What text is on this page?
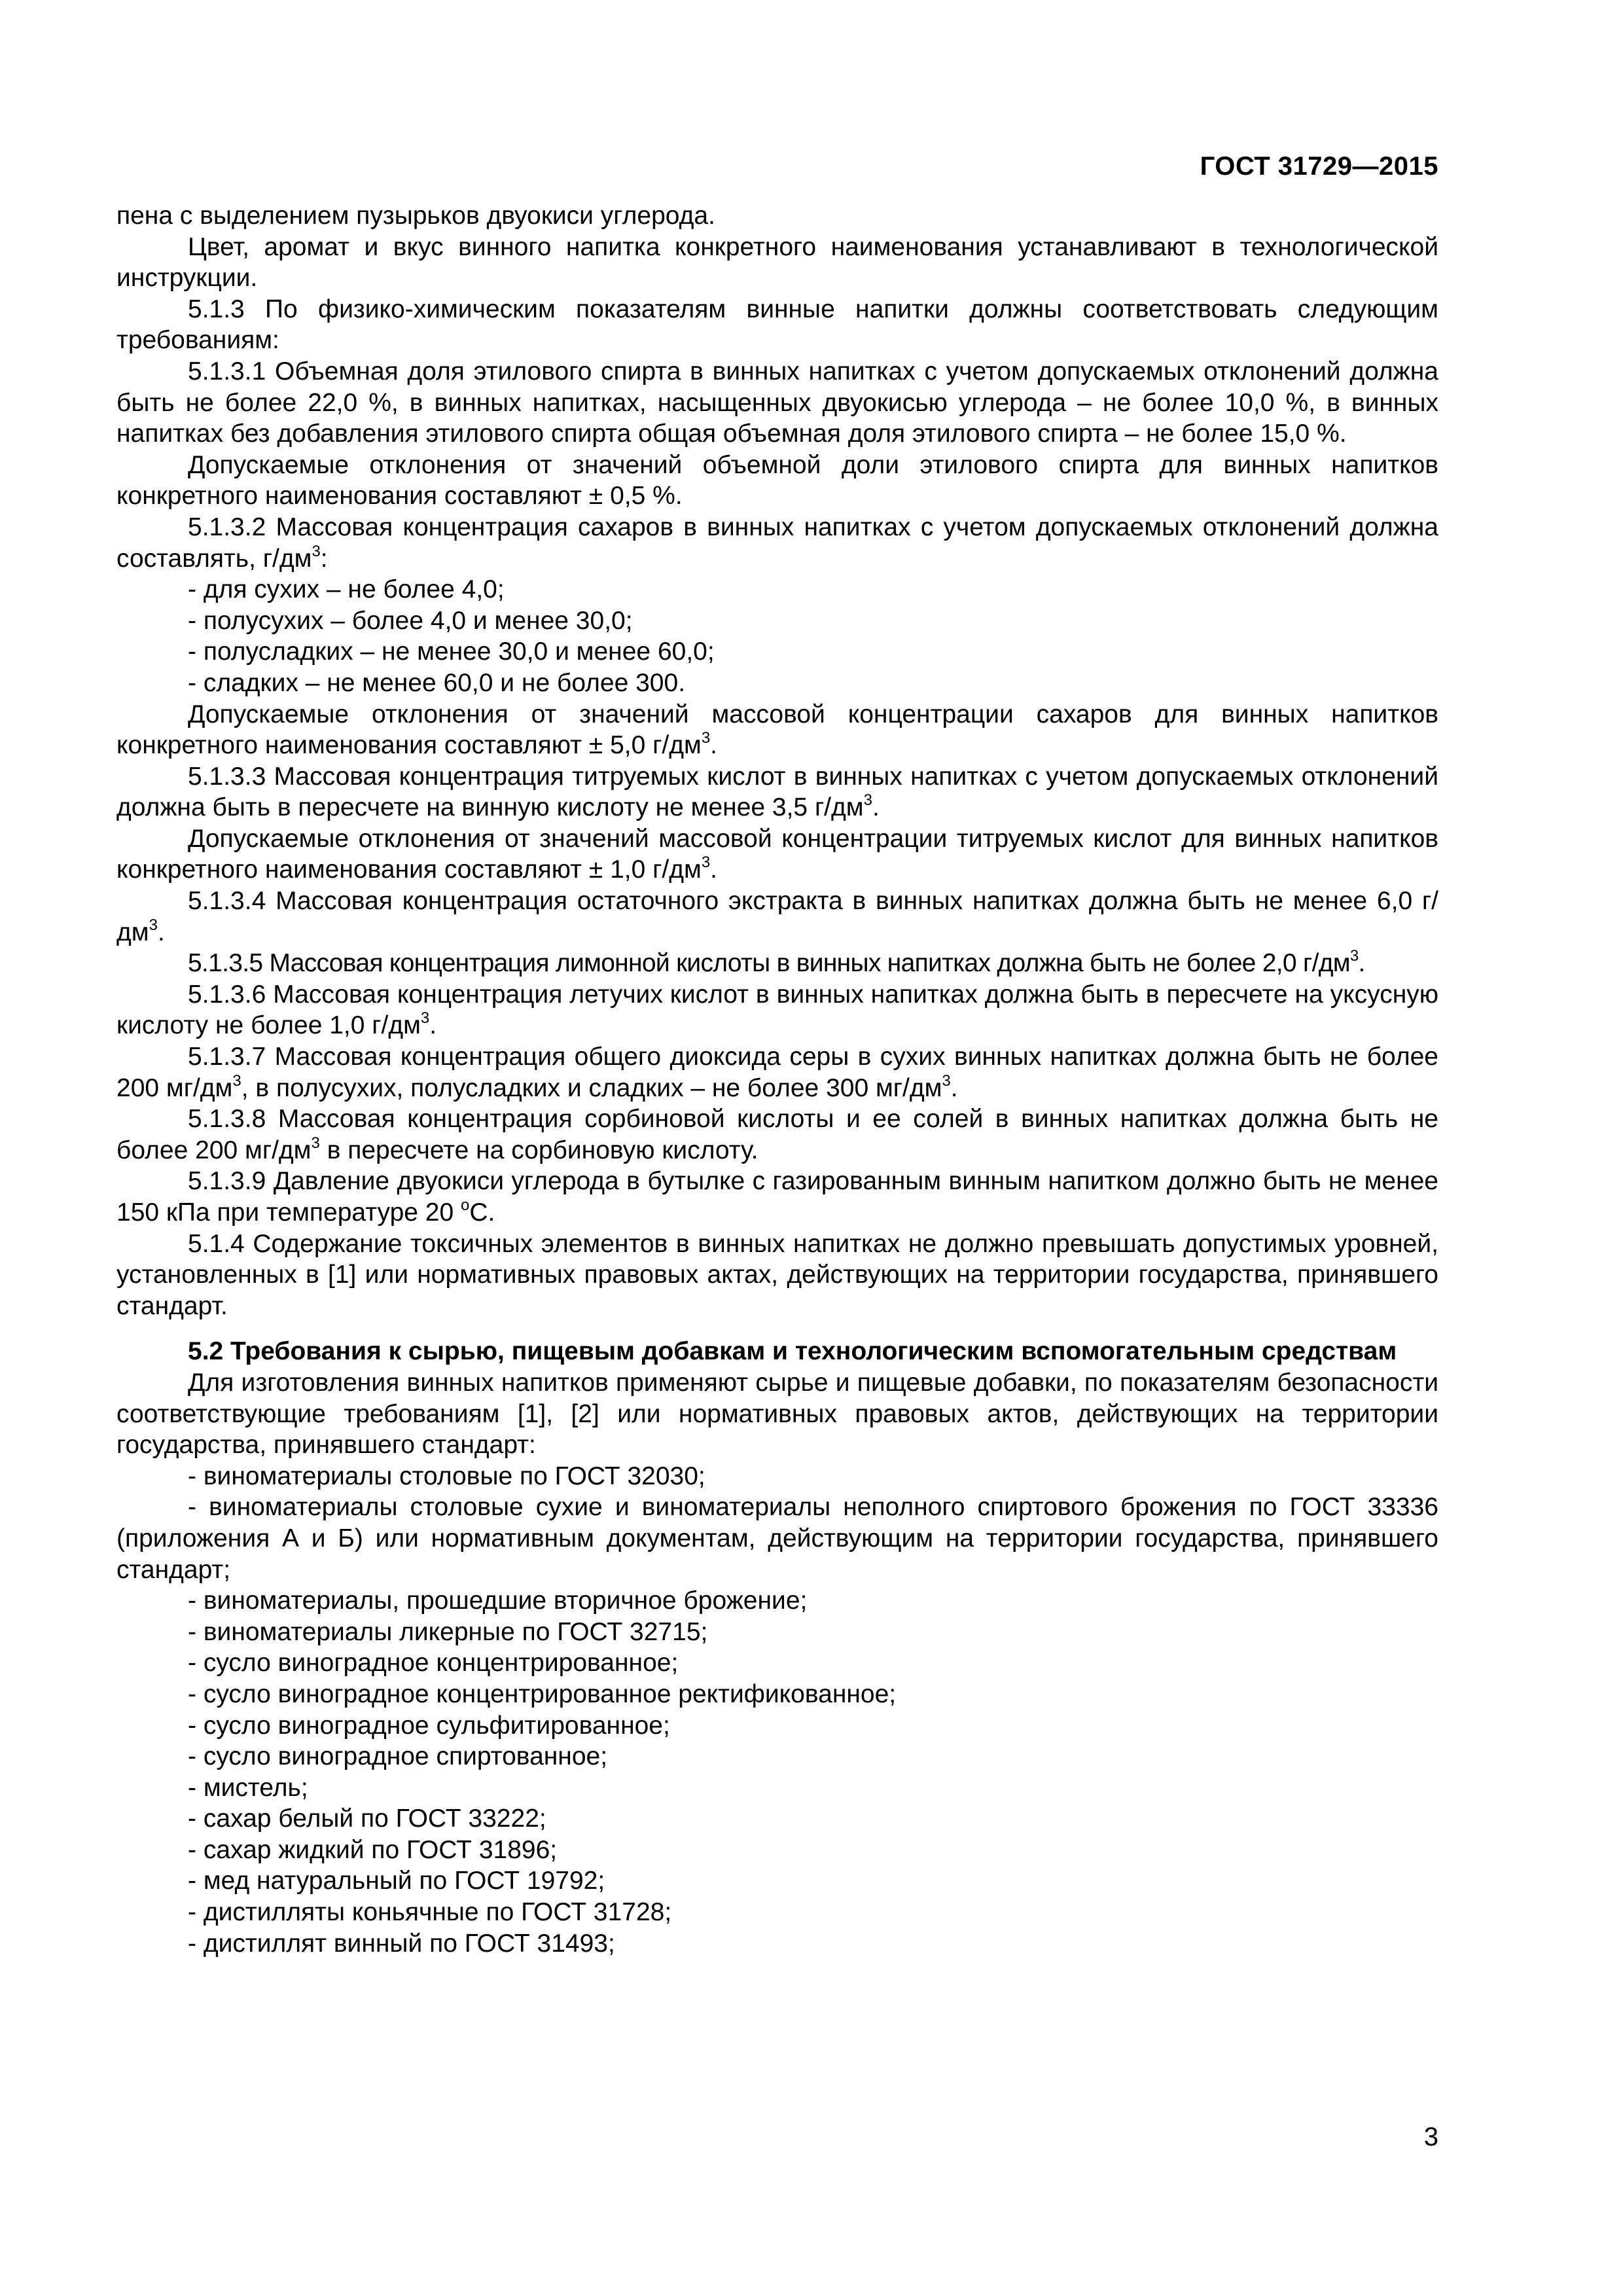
ГОСТ 31729—2015

пена с выделением пузырьков двуокиси углерода.

Цвет, аромат и вкус винного напитка конкретного наименования устанавливают в технологической инструкции.

5.1.3 По физико-химическим показателям винные напитки должны соответствовать следующим требованиям:

5.1.3.1 Объемная доля этилового спирта в винных напитках с учетом допускаемых отклонений должна быть не более 22,0 %, в винных напитках, насыщенных двуокисью углерода – не более 10,0 %, в винных напитках без добавления этилового спирта общая объемная доля этилового спирта – не более 15,0 %.

Допускаемые отклонения от значений объемной доли этилового спирта для винных напитков конкретного наименования составляют ± 0,5 %.

5.1.3.2 Массовая концентрация сахаров в винных напитках с учетом допускаемых отклонений должна составлять, $г/дм^3$:

- для сухих – не более 4,0;

- полусухих – более 4,0 и менее 30,0;

- полусладких – не менее 30,0 и менее 60,0;

- сладких – не менее 60,0 и не более 300.

Допускаемые отклонения от значений массовой концентрации сахаров для винных напитков конкретного наименования составляют ± 5,0 $г/дм^3$.

5.1.3.3 Массовая концентрация титруемых кислот в винных напитках с учетом допускаемых отклонений должна быть в пересчете на винную кислоту не менее 3,5 $г/дм^3$.

Допускаемые отклонения от значений массовой концентрации титруемых кислот для винных напитков конкретного наименования составляют ± 1,0 $г/дм^3$.

5.1.3.4 Массовая концентрация остаточного экстракта в винных напитках должна быть не менее 6,0 $г/дм^3$.

5.1.3.5 Массовая концентрация лимонной кислоты в винных напитках должна быть не более 2,0 $г/дм^3$.

5.1.3.6 Массовая концентрация летучих кислот в винных напитках должна быть в пересчете на уксусную кислоту не более 1,0 $г/дм^3$.

5.1.3.7 Массовая концентрация общего диоксида серы в сухих винных напитках должна быть не более 200 $мг/дм^3$, в полусухих, полусладких и сладких – не более 300 $мг/дм^3$.

5.1.3.8 Массовая концентрация сорбиновой кислоты и ее солей в винных напитках должна быть не более 200 $мг/дм^3$ в пересчете на сорбиновую кислоту.

5.1.3.9 Давление двуокиси углерода в бутылке с газированным винным напитком должно быть не менее 150 кПа при температуре 20 $^о$С.

5.1.4 Содержание токсичных элементов в винных напитках не должно превышать допустимых уровней, установленных в [1] или нормативных правовых актах, действующих на территории государства, принявшего стандарт.

5.2 Требования к сырью, пищевым добавкам и технологическим вспомогательным средствам

Для изготовления винных напитков применяют сырье и пищевые добавки, по показателям безопасности соответствующие требованиям [1], [2] или нормативных правовых актов, действующих на территории государства, принявшего стандарт:

- виноматериалы столовые по ГОСТ 32030;

- виноматериалы столовые сухие и виноматериалы неполного спиртового брожения по ГОСТ 33336 (приложения А и Б) или нормативным документам, действующим на территории государства, принявшего стандарт;

- виноматериалы, прошедшие вторичное брожение;

- виноматериалы ликерные по ГОСТ 32715;

- сусло виноградное концентрированное;

- сусло виноградное концентрированное ректификованное;

- сусло виноградное сульфитированное;

- сусло виноградное спиртованное;

- мистель;

- сахар белый по ГОСТ 33222;

- сахар жидкий по ГОСТ 31896;

- мед натуральный по ГОСТ 19792;

- дистилляты коньячные по ГОСТ 31728;

- дистиллят винный по ГОСТ 31493;

3
